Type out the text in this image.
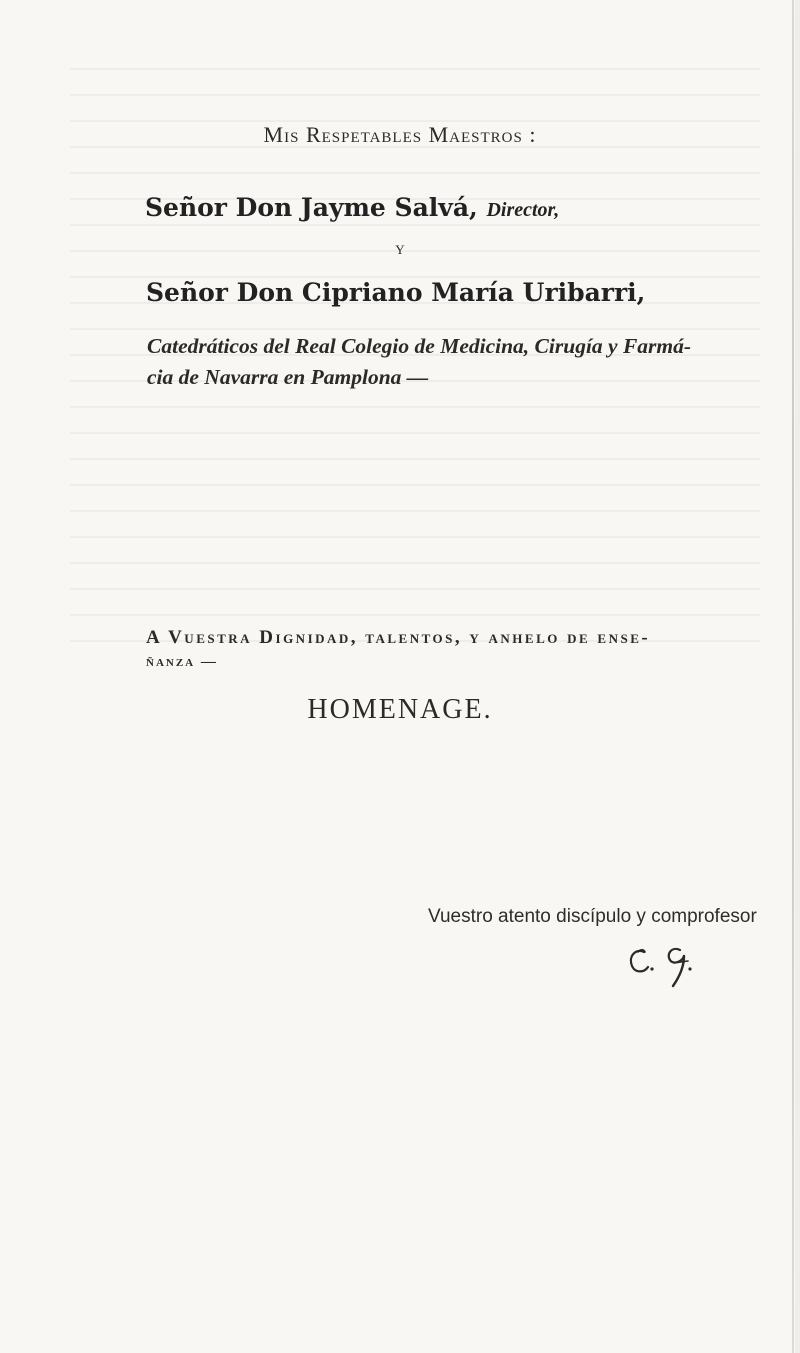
Mis Respetables Maestros :
Señor Don Jayme Salvá, Director,
Y
Señor Don Cipriano María Uribarri,
Catedráticos del Real Colegio de Medicina, Cirugía y Farmá-
cia de Navarra en Pamplona —
A Vuestra Dignidad, talentos, y anhelo de ense-
ñanza —
HOMENAGE.
Vuestro atento discípulo y comprofesor
